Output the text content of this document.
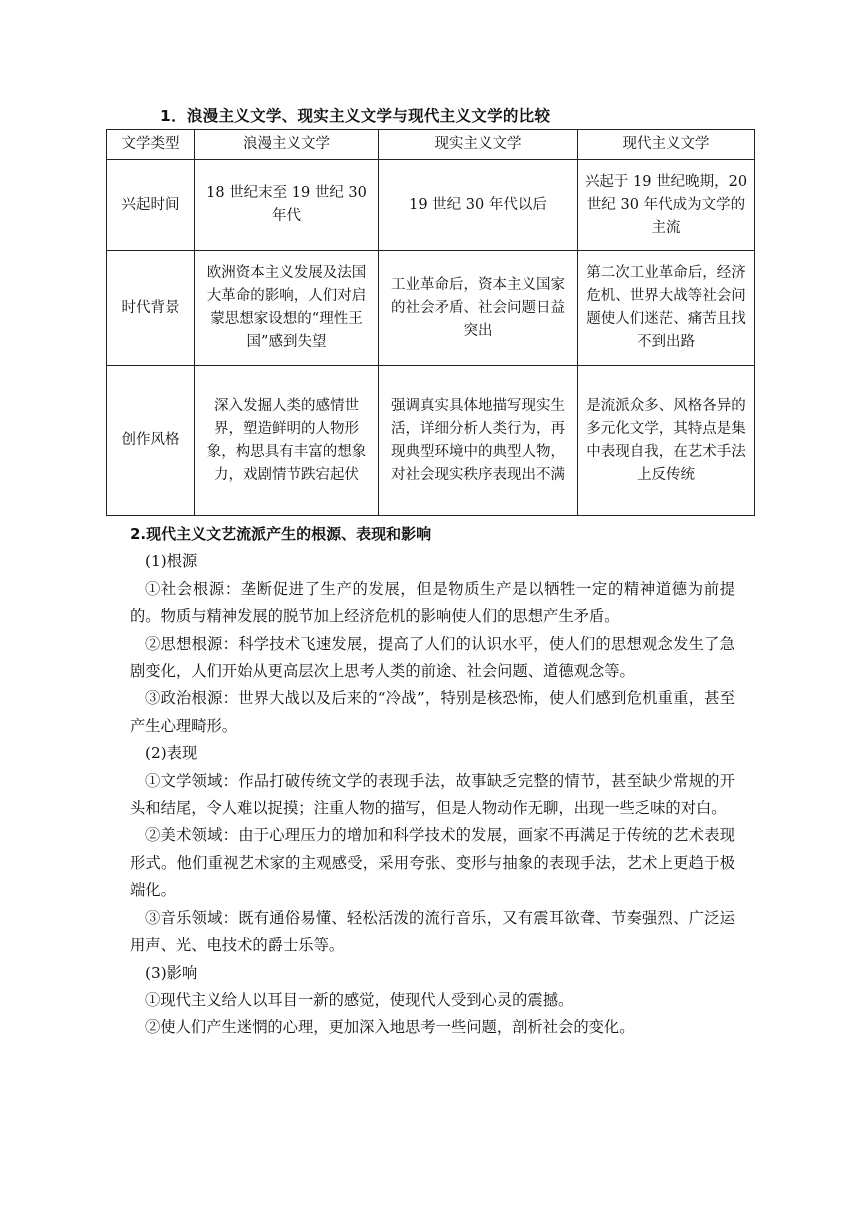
1．浪漫主义文学、现实主义文学与现代主义文学的比较
文学类型	浪漫主义文学	现实主义文学	现代主义文学
兴起时间	18 世纪末至 19 世纪 30 年代	19 世纪 30 年代以后	兴起于 19 世纪晚期，20 世纪 30 年代成为文学的主流
时代背景	欧洲资本主义发展及法国大革命的影响，人们对启蒙思想家设想的“理性王国”感到失望	工业革命后，资本主义国家的社会矛盾、社会问题日益突出	第二次工业革命后，经济危机、世界大战等社会问题使人们迷茫、痛苦且找不到出路
创作风格	深入发掘人类的感情世界，塑造鲜明的人物形象，构思具有丰富的想象力，戏剧情节跌宕起伏	强调真实具体地描写现实生活，详细分析人类行为，再现典型环境中的典型人物，对社会现实秩序表现出不满	是流派众多、风格各异的多元化文学，其特点是集中表现自我，在艺术手法上反传统

2.现代主义文艺流派产生的根源、表现和影响

(1)根源

①社会根源：垄断促进了生产的发展，但是物质生产是以牺牲一定的精神道德为前提的。物质与精神发展的脱节加上经济危机的影响使人们的思想产生矛盾。

②思想根源：科学技术飞速发展，提高了人们的认识水平，使人们的思想观念发生了急剧变化，人们开始从更高层次上思考人类的前途、社会问题、道德观念等。

③政治根源：世界大战以及后来的“冷战”，特别是核恐怖，使人们感到危机重重，甚至产生心理畸形。

(2)表现

①文学领域：作品打破传统文学的表现手法，故事缺乏完整的情节，甚至缺少常规的开头和结尾，令人难以捉摸；注重人物的描写，但是人物动作无聊，出现一些乏味的对白。

②美术领域：由于心理压力的增加和科学技术的发展，画家不再满足于传统的艺术表现形式。他们重视艺术家的主观感受，采用夸张、变形与抽象的表现手法，艺术上更趋于极端化。

③音乐领域：既有通俗易懂、轻松活泼的流行音乐，又有震耳欲聋、节奏强烈、广泛运用声、光、电技术的爵士乐等。

(3)影响

①现代主义给人以耳目一新的感觉，使现代人受到心灵的震撼。

②使人们产生迷惘的心理，更加深入地思考一些问题，剖析社会的变化。
